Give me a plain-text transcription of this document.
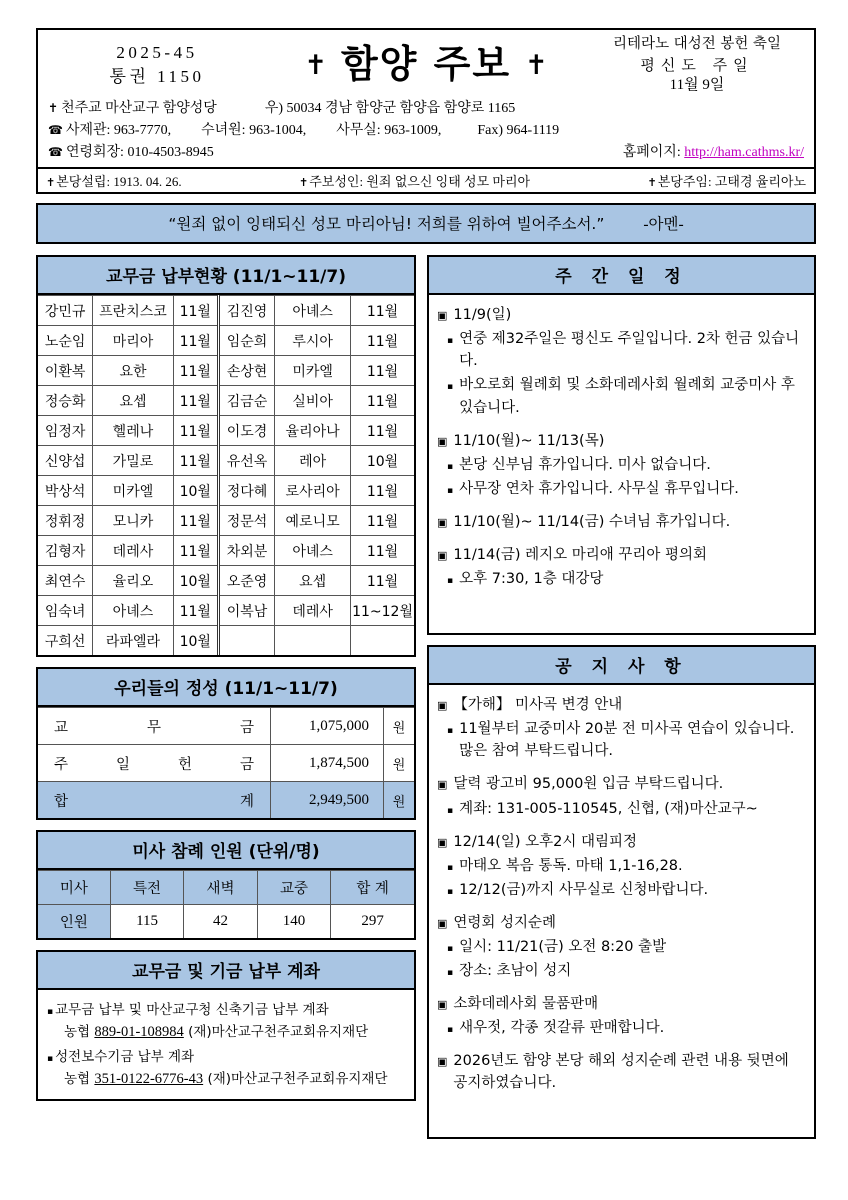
2025-45
통권 1150	✝ 함양 주보 ✝
리테라노 대성전 봉헌 축일
평신도 주일
11월 9일
✝ 천주교 마산교구 함양성당	우) 50034 경남 함양군 함양읍 함양로 1165
☎ 사제관:
963-7770, 수녀원:
963-1004, 사무실:
963-1009,	Fax)
964-1119
☎ 연령회장:
010-4503-8945	홈페이지:
http://ham.cathms.kr/
✝ 본당설립:
1913. 04. 26.	✝ 주보성인:
원죄 없으신 잉태 성모 마리아	✝ 본당주임:
고태경 율리아노
“원죄 없이 잉태되신 성모 마리아님! 저희를 위하여 빌어주소서.”	-아멘-
교무금 납부현황 (11/1~11/7)
강민규	프란치스코	11월	김진영	아녜스	11월
노순임	마리아	11월	임순희	루시아	11월
이환복	요한	11월	손상현	미카엘	11월
정승화	요셉	11월	김금순	실비아	11월
임정자	헬레나	11월	이도경	율리아나	11월
신양섭	가밀로	11월	유선옥	레아	10월
박상석	미카엘	10월	정다혜	로사리아	11월
정휘정	모니카	11월	정문석	예로니모	11월
김형자	데레사	11월	차외분	아녜스	11월
최연수	율리오	10월	오준영	요셉	11월
임숙녀	아녜스	11월	이복남	데레사	11~12월
구희선	라파엘라	10월			
우리들의 정성 (11/1~11/7)
교 무 금	1,075,000	원
주 일 헌 금	1,874,500	원
합 계	2,949,500	원
미사 참례 인원 (단위/명)
미사	특전	새벽	교중	합 계
인원	115	42	140	297
교무금 및 기금 납부 계좌
▪ 교무금 납부 및 마산교구청 신축기금 납부 계좌
농협 889-01-108984 (재)마산교구천주교회유지재단
▪ 성전보수기금 납부 계좌
농협 351-0122-6776-43 (재)마산교구천주교회유지재단
주 간 일 정
▣ 11/9(일)
▪ 연중 제32주일은 평신도 주일입니다. 2차 헌금 있습니다.
▪ 바오로회 월례회 및 소화데레사회 월례회 교중미사 후 있습니다.
▣ 11/10(월)~ 11/13(목)
▪ 본당 신부님 휴가입니다. 미사 없습니다.
▪ 사무장 연차 휴가입니다. 사무실 휴무입니다.
▣ 11/10(월)~ 11/14(금) 수녀님 휴가입니다.
▣ 11/14(금) 레지오 마리애 꾸리아 평의회
▪ 오후 7:30, 1층 대강당
공 지 사 항
▣ 【가해】 미사곡 변경 안내
▪ 11월부터 교중미사 20분 전 미사곡 연습이 있습니다. 많은 참여 부탁드립니다.
▣ 달력 광고비 95,000원 입금 부탁드립니다.
▪ 계좌: 131-005-110545, 신협, (재)마산교구~
▣ 12/14(일) 오후2시 대림피정
▪ 마태오 복음 통독. 마태 1,1-16,28.
▪ 12/12(금)까지 사무실로 신청바랍니다.
▣ 연령회 성지순례
▪ 일시: 11/21(금) 오전 8:20 출발
▪ 장소: 초남이 성지
▣ 소화데레사회 물품판매
▪ 새우젓, 각종 젓갈류 판매합니다.
▣ 2026년도 함양 본당 해외 성지순례 관련 내용 뒷면에 공지하였습니다.
